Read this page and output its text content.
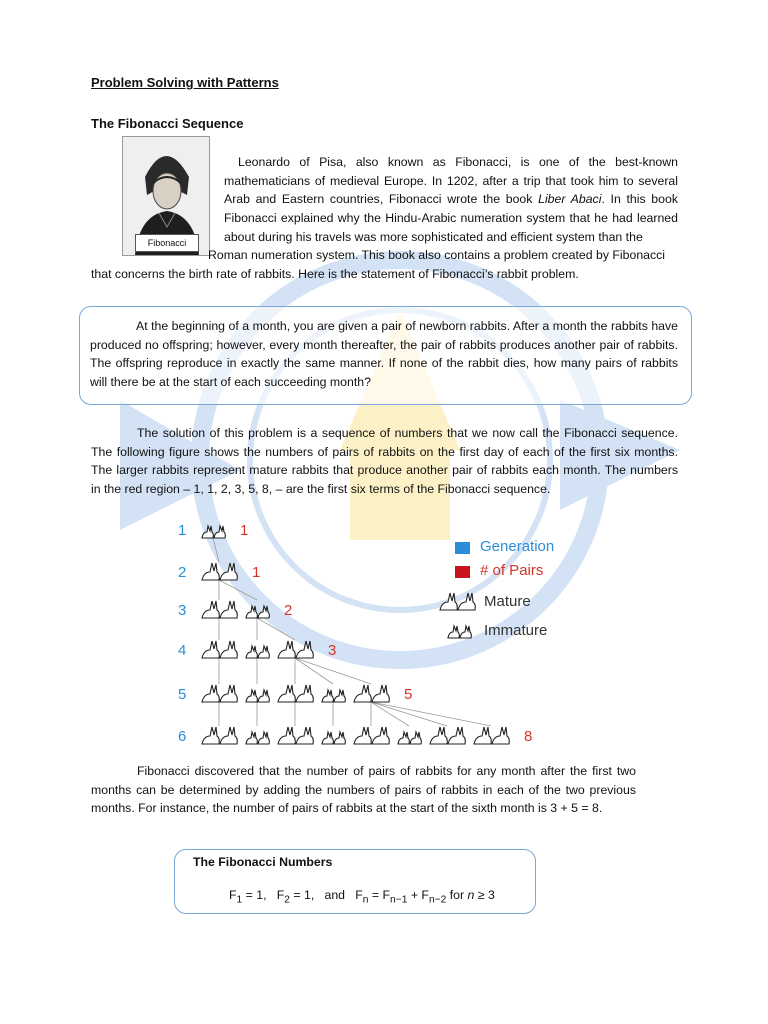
Problem Solving with Patterns
The Fibonacci Sequence
Fibonacci
Leonardo of Pisa, also known as Fibonacci, is one of the best-known mathematicians of medieval Europe. In 1202, after a trip that took him to several Arab and Eastern countries, Fibonacci wrote the book Liber Abaci. In this book Fibonacci explained why the Hindu-Arabic numeration system that he had learned about during his travels was more sophisticated and efficient system than the
Roman numeration system. This book also contains a problem created by Fibonacci
that concerns the birth rate of rabbits. Here is the statement of Fibonacci’s rabbit problem.
At the beginning of a month, you are given a pair of newborn rabbits. After a month the rabbits have produced no offspring; however, every month thereafter, the pair of rabbits produces another pair of rabbits. The offspring reproduce in exactly the same manner. If none of the rabbit dies, how many pairs of rabbits will there be at the start of each succeeding month?
The solution of this problem is a sequence of numbers that we now call the Fibonacci sequence. The following figure shows the numbers of pairs of rabbits on the first day of each of the first six months. The larger rabbits represent mature rabbits that produce another pair of rabbits each month. The numbers in the red region – 1, 1, 2, 3, 5, 8, – are the first six terms of the Fibonacci sequence.
Generation
# of Pairs
Mature
Immature
1	1
2	1
3	2
4	3
5	5
6	8
Fibonacci discovered that the number of pairs of rabbits for any month after the first two months can be determined by adding the numbers of pairs of rabbits in each of the two previous months. For instance, the number of pairs of rabbits at the start of the sixth month is 3 + 5 = 8.
The Fibonacci Numbers
$F_1 = 1$,   $F_2 = 1$,   and   $F_n = F_{n-1} + F_{n-2}$ for n ≥ 3
